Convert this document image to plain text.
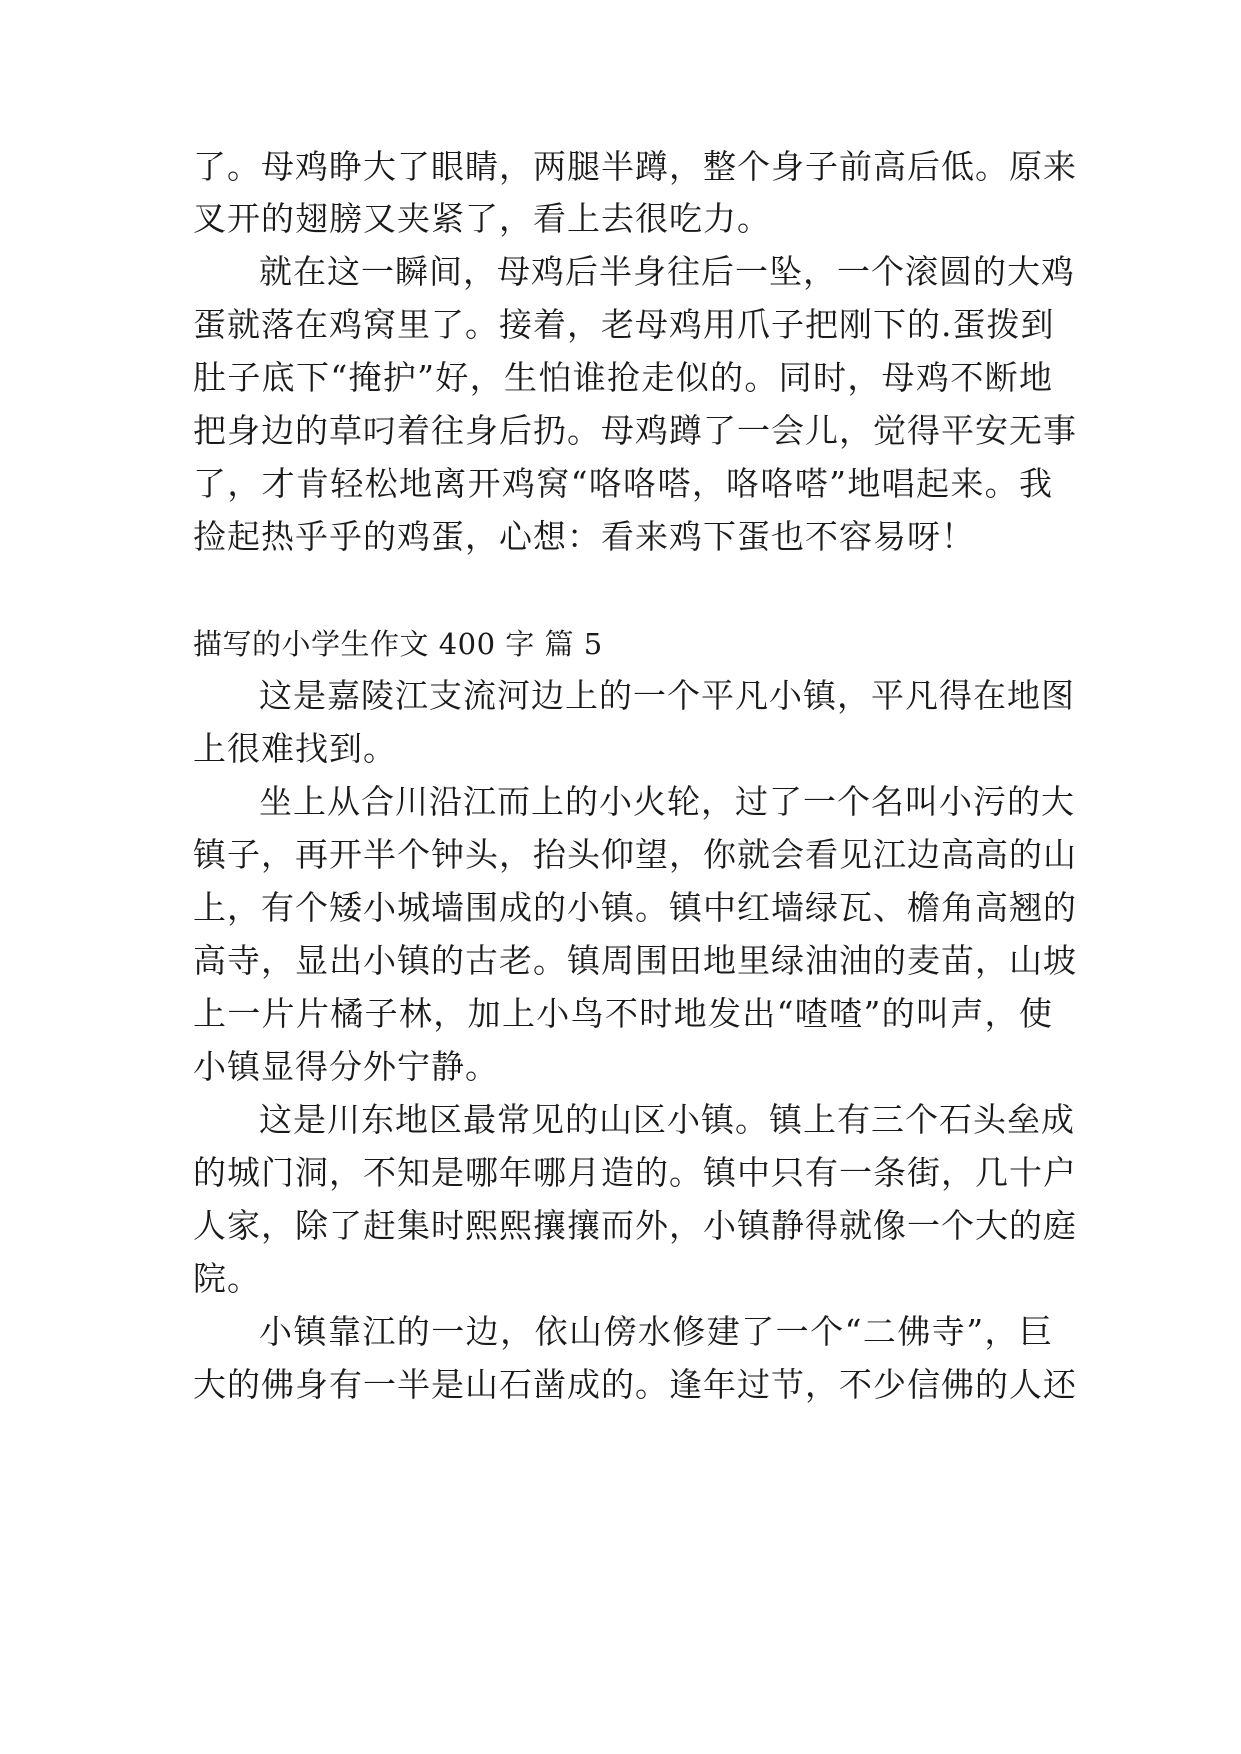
了。母鸡睁大了眼睛，两腿半蹲，整个身子前高后低。原来
叉开的翅膀又夹紧了，看上去很吃力。
就在这一瞬间，母鸡后半身往后一坠，一个滚圆的大鸡
蛋就落在鸡窝里了。接着，老母鸡用爪子把刚下的.蛋拨到
肚子底下“掩护”好，生怕谁抢走似的。同时，母鸡不断地
把身边的草叼着往身后扔。母鸡蹲了一会儿，觉得平安无事
了，才肯轻松地离开鸡窝“咯咯嗒，咯咯嗒”地唱起来。我
捡起热乎乎的鸡蛋，心想：看来鸡下蛋也不容易呀！
描写的小学生作文 400 字 篇 5
这是嘉陵江支流河边上的一个平凡小镇，平凡得在地图
上很难找到。
坐上从合川沿江而上的小火轮，过了一个名叫小污的大
镇子，再开半个钟头，抬头仰望，你就会看见江边高高的山
上，有个矮小城墙围成的小镇。镇中红墙绿瓦、檐角高翘的
高寺，显出小镇的古老。镇周围田地里绿油油的麦苗，山坡
上一片片橘子林，加上小鸟不时地发出“喳喳”的叫声，使
小镇显得分外宁静。
这是川东地区最常见的山区小镇。镇上有三个石头垒成
的城门洞，不知是哪年哪月造的。镇中只有一条街，几十户
人家，除了赶集时熙熙攘攘而外，小镇静得就像一个大的庭
院。
小镇靠江的一边，依山傍水修建了一个“二佛寺”，巨
大的佛身有一半是山石凿成的。逢年过节，不少信佛的人还
